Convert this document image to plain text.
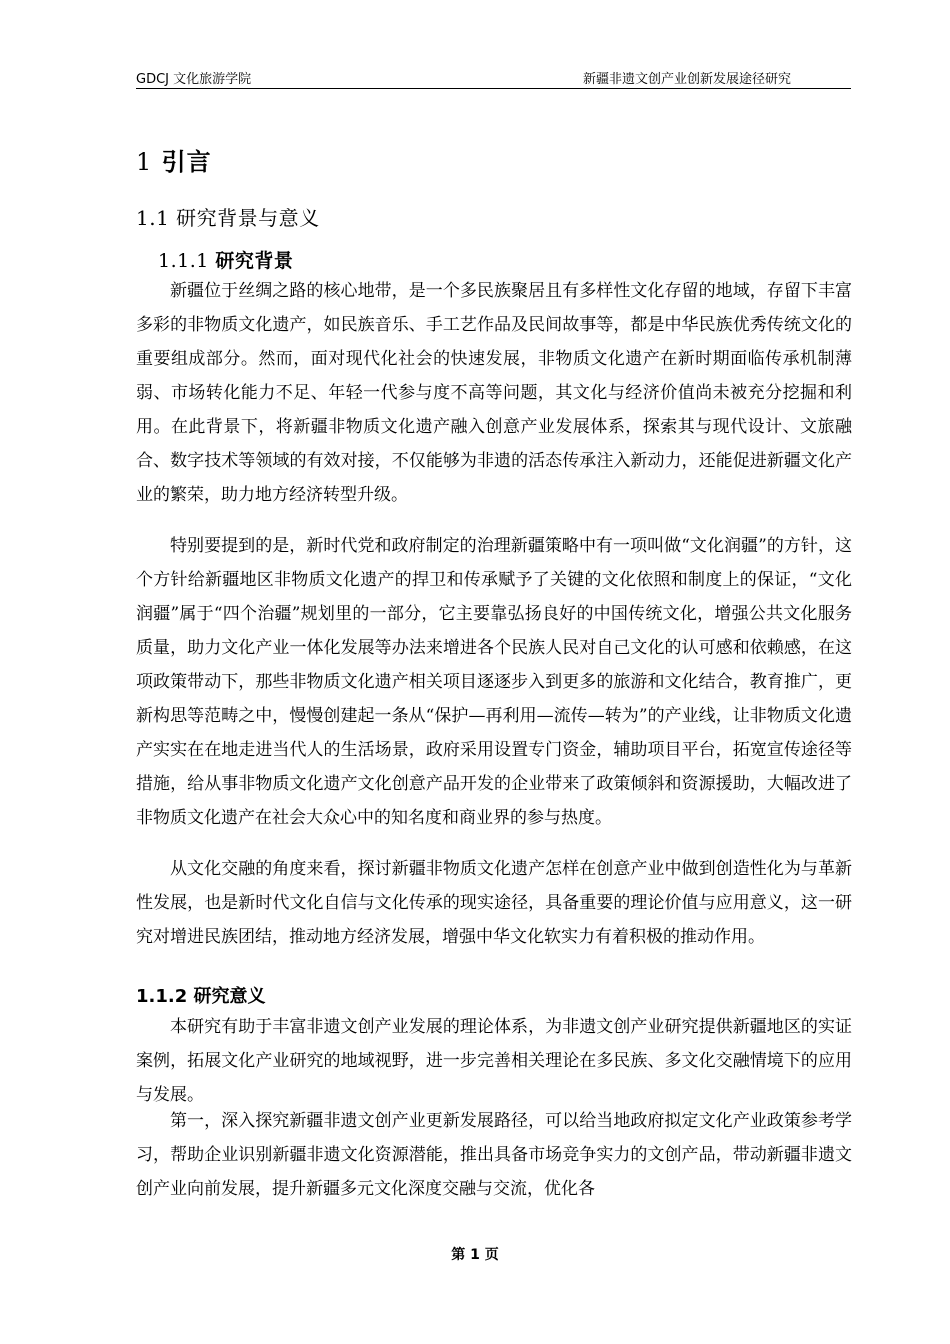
GDCJ 文化旅游学院	新疆非遗文创产业创新发展途径研究
1 引言
1.1 研究背景与意义
1.1.1 研究背景

新疆位于丝绸之路的核心地带，是一个多民族聚居且有多样性文化存留的地域，存留下丰富多彩的非物质文化遗产，如民族音乐、手工艺作品及民间故事等，都是中华民族优秀传统文化的重要组成部分。然而，面对现代化社会的快速发展，非物质文化遗产在新时期面临传承机制薄弱、市场转化能力不足、年轻一代参与度不高等问题，其文化与经济价值尚未被充分挖掘和利用。在此背景下，将新疆非物质文化遗产融入创意产业发展体系，探索其与现代设计、文旅融合、数字技术等领域的有效对接，不仅能够为非遗的活态传承注入新动力，还能促进新疆文化产业的繁荣，助力地方经济转型升级。

特别要提到的是，新时代党和政府制定的治理新疆策略中有一项叫做“文化润疆”的方针，这个方针给新疆地区非物质文化遗产的捍卫和传承赋予了关键的文化依照和制度上的保证，“文化润疆”属于“四个治疆”规划里的一部分，它主要靠弘扬良好的中国传统文化，增强公共文化服务质量，助力文化产业一体化发展等办法来增进各个民族人民对自己文化的认可感和依赖感，在这项政策带动下，那些非物质文化遗产相关项目逐逐步入到更多的旅游和文化结合，教育推广，更新构思等范畴之中，慢慢创建起一条从“保护—再利用—流传—转为”的产业线，让非物质文化遗产实实在在地走进当代人的生活场景，政府采用设置专门资金，辅助项目平台，拓宽宣传途径等措施，给从事非物质文化遗产文化创意产品开发的企业带来了政策倾斜和资源援助，大幅改进了非物质文化遗产在社会大众心中的知名度和商业界的参与热度。

从文化交融的角度来看，探讨新疆非物质文化遗产怎样在创意产业中做到创造性化为与革新性发展，也是新时代文化自信与文化传承的现实途径，具备重要的理论价值与应用意义，这一研究对增进民族团结，推动地方经济发展，增强中华文化软实力有着积极的推动作用。

1.1.2 研究意义

本研究有助于丰富非遗文创产业发展的理论体系，为非遗文创产业研究提供新疆地区的实证案例，拓展文化产业研究的地域视野，进一步完善相关理论在多民族、多文化交融情境下的应用与发展。

第一，深入探究新疆非遗文创产业更新发展路径，可以给当地政府拟定文化产业政策参考学习，帮助企业识别新疆非遗文化资源潜能，推出具备市场竞争实力的文创产品，带动新疆非遗文创产业向前发展，提升新疆多元文化深度交融与交流，优化各

第 1 页
